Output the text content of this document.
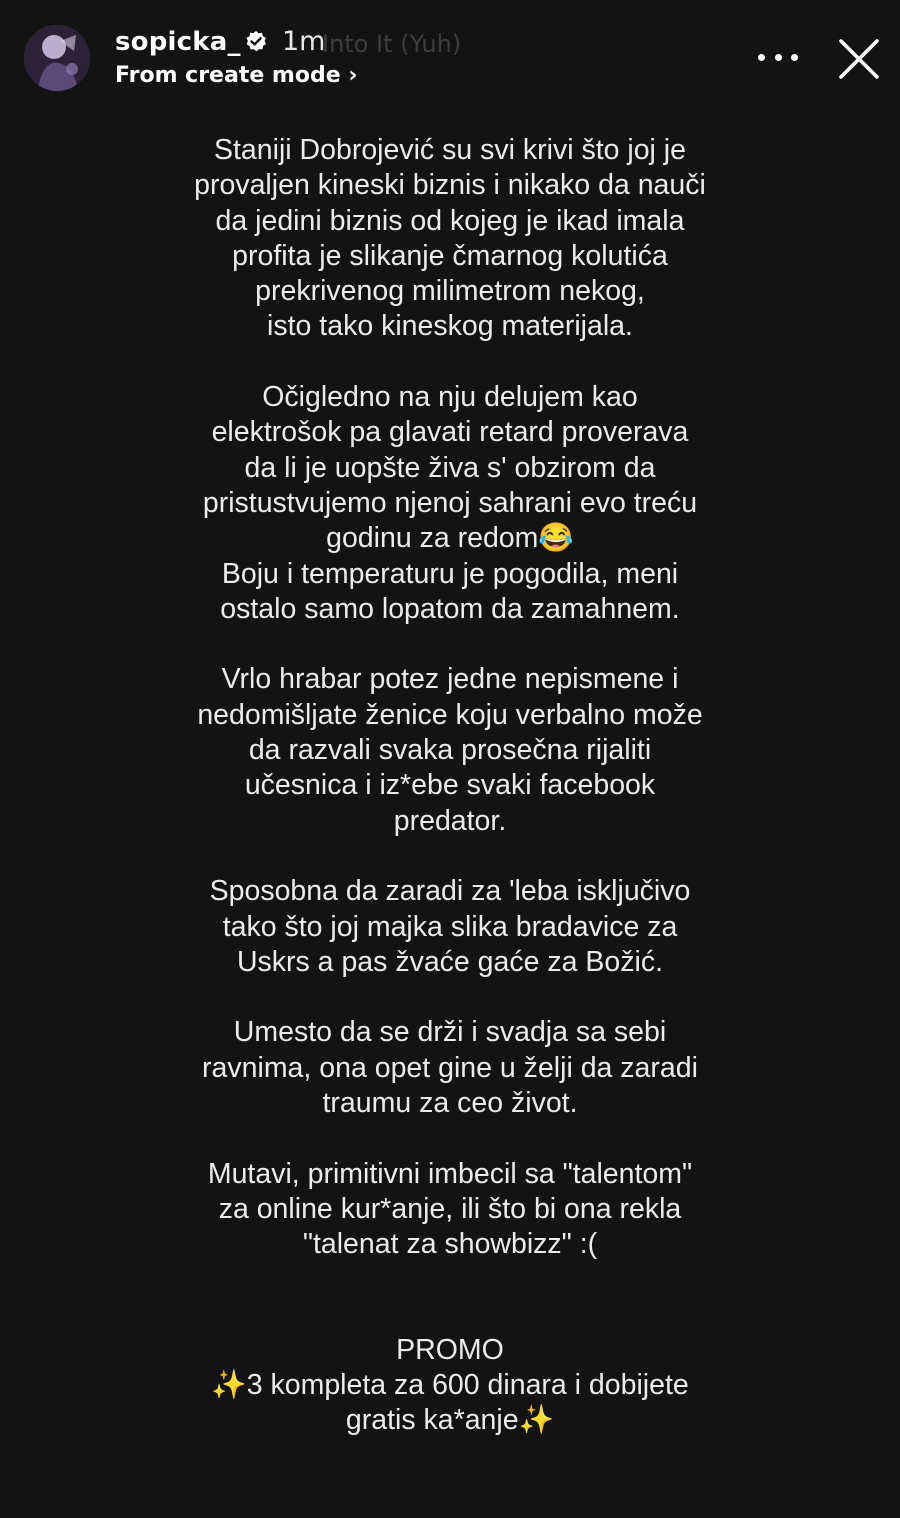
sopicka_ 1m
Into It (Yuh)
From create mode ›

Staniji Dobrojević su svi krivi što joj je
provaljen kineski biznis i nikako da nauči
da jedini biznis od kojeg je ikad imala
profita je slikanje čmarnog kolutića
prekrivenog milimetrom nekog,
isto tako kineskog materijala.

Očigledno na nju delujem kao
elektrošok pa glavati retard proverava
da li je uopšte živa s' obzirom da
pristustvujemo njenoj sahrani evo treću
godinu za redom😂
Boju i temperaturu je pogodila, meni
ostalo samo lopatom da zamahnem.

Vrlo hrabar potez jedne nepismene i
nedomišljate ženice koju verbalno može
da razvali svaka prosečna rijaliti
učesnica i iz*ebe svaki facebook
predator.

Sposobna da zaradi za 'leba isključivo
tako što joj majka slika bradavice za
Uskrs a pas žvaće gaće za Božić.

Umesto da se drži i svadja sa sebi
ravnima, ona opet gine u želji da zaradi
traumu za ceo život.

Mutavi, primitivni imbecil sa "talentom"
za online kur*anje, ili što bi ona rekla
"talenat za showbizz" :(

PROMO

✨3 kompleta za 600 dinara i dobijete
gratis ka*anje✨
